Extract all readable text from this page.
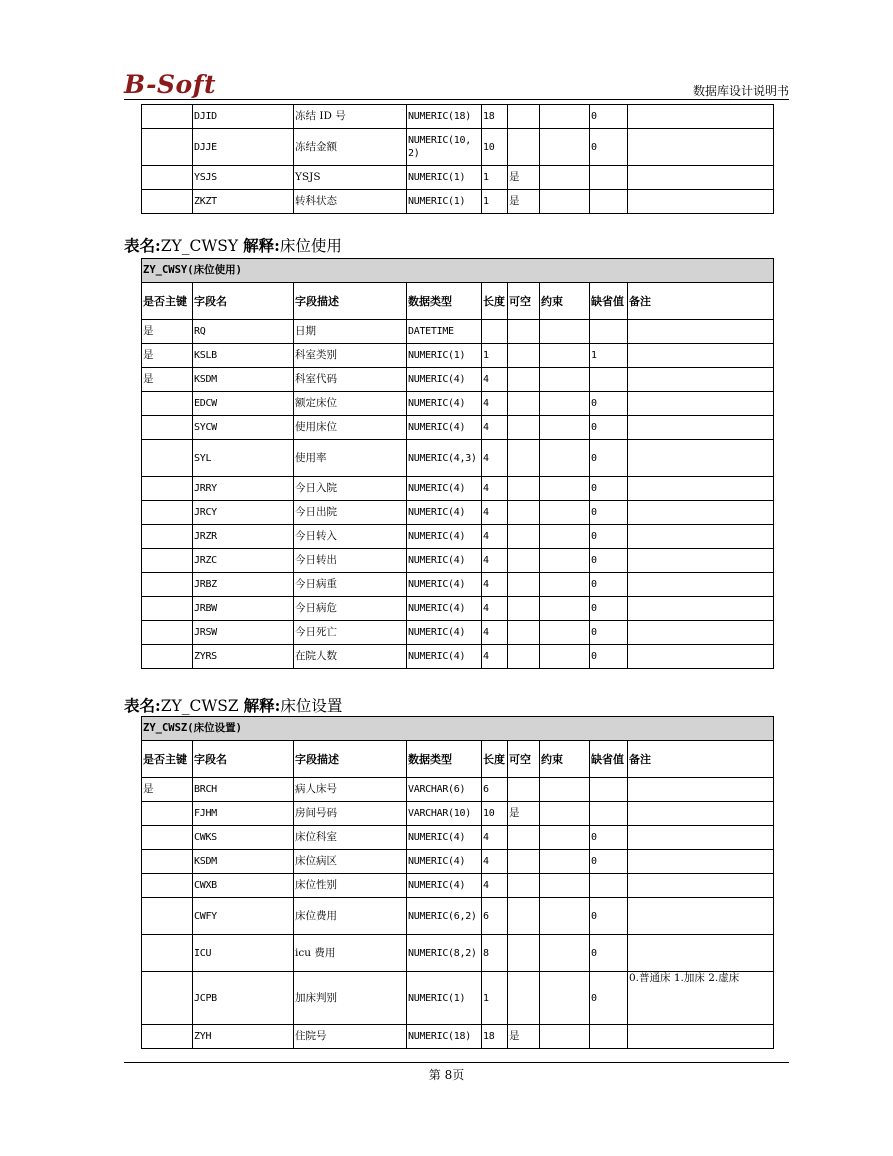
B-Soft	数据库设计说明书
	DJID	冻结 ID 号	NUMERIC(18)	18			0	
	DJJE	冻结金额	NUMERIC(10,2)	10			0	
	YSJS	YSJS	NUMERIC(1)	1	是			
	ZKZT	转科状态	NUMERIC(1)	1	是			
表名:ZY_CWSY 解释:床位使用
ZY_CWSY(床位使用)								
是否主键	字段名	字段描述	数据类型	长度	可空	约束	缺省值	备注
是	RQ	日期	DATETIME					
是	KSLB	科室类别	NUMERIC(1)	1			1	
是	KSDM	科室代码	NUMERIC(4)	4				
	EDCW	额定床位	NUMERIC(4)	4			0	
	SYCW	使用床位	NUMERIC(4)	4			0	
	SYL	使用率	NUMERIC(4,3)	4			0	
	JRRY	今日入院	NUMERIC(4)	4			0	
	JRCY	今日出院	NUMERIC(4)	4			0	
	JRZR	今日转入	NUMERIC(4)	4			0	
	JRZC	今日转出	NUMERIC(4)	4			0	
	JRBZ	今日病重	NUMERIC(4)	4			0	
	JRBW	今日病危	NUMERIC(4)	4			0	
	JRSW	今日死亡	NUMERIC(4)	4			0	
	ZYRS	在院人数	NUMERIC(4)	4			0	
表名:ZY_CWSZ 解释:床位设置
ZY_CWSZ(床位设置)								
是否主键	字段名	字段描述	数据类型	长度	可空	约束	缺省值	备注
是	BRCH	病人床号	VARCHAR(6)	6				
	FJHM	房间号码	VARCHAR(10)	10	是			
	CWKS	床位科室	NUMERIC(4)	4			0	
	KSDM	床位病区	NUMERIC(4)	4			0	
	CWXB	床位性别	NUMERIC(4)	4				
	CWFY	床位费用	NUMERIC(6,2)	6			0	
	ICU	icu 费用	NUMERIC(8,2)	8			0	
	JCPB	加床判别	NUMERIC(1)	1			0	0.普通床 1.加床 2.虚床
	ZYH	住院号	NUMERIC(18)	18	是			
第 8页
